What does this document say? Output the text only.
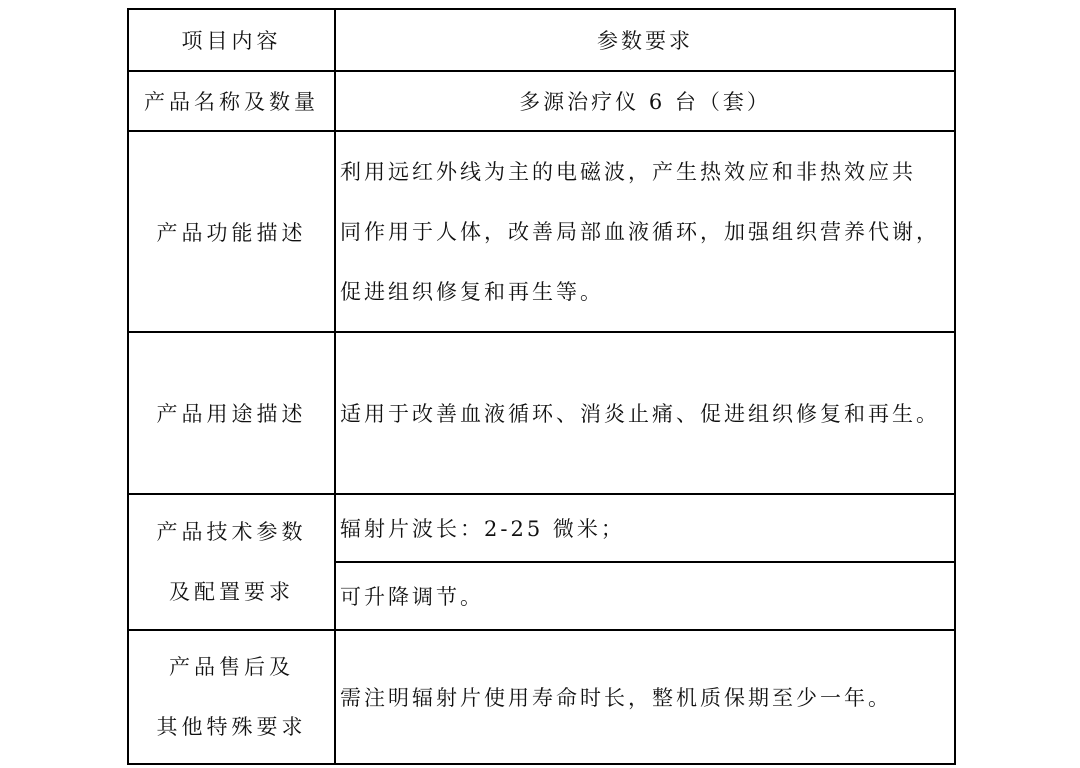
项目内容	参数要求
产品名称及数量	多源治疗仪 6 台（套）
产品功能描述	利用远红外线为主的电磁波，产生热效应和非热效应共
同作用于人体，改善局部血液循环，加强组织营养代谢，
促进组织修复和再生等。

产品用途描述	适用于改善血液循环、消炎止痛、促进组织修复和再生。

产品技术参数
及配置要求	辐射片波长：2-25 微米；
	可升降调节。

产品售后及
其他特殊要求	需注明辐射片使用寿命时长，整机质保期至少一年。
